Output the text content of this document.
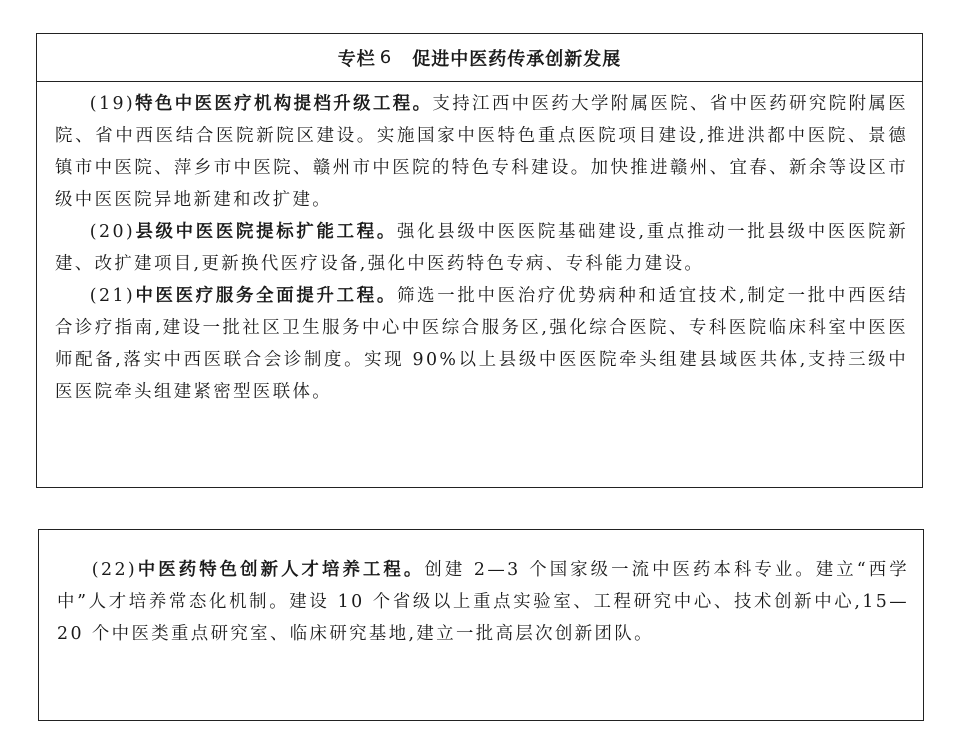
专栏 6 促进中医药传承创新发展

(19)特色中医医疗机构提档升级工程。支持江西中医药大学附属医院、省中医药研究院附属医院、省中西医结合医院新院区建设。实施国家中医特色重点医院项目建设,推进洪都中医院、景德镇市中医院、萍乡市中医院、赣州市中医院的特色专科建设。加快推进赣州、宜春、新余等设区市级中医医院异地新建和改扩建。

(20)县级中医医院提标扩能工程。强化县级中医医院基础建设,重点推动一批县级中医医院新建、改扩建项目,更新换代医疗设备,强化中医药特色专病、专科能力建设。

(21)中医医疗服务全面提升工程。筛选一批中医治疗优势病种和适宜技术,制定一批中西医结合诊疗指南,建设一批社区卫生服务中心中医综合服务区,强化综合医院、专科医院临床科室中医医师配备,落实中西医联合会诊制度。实现 90%以上县级中医医院牵头组建县域医共体,支持三级中医医院牵头组建紧密型医联体。

(22)中医药特色创新人才培养工程。创建 2—3 个国家级一流中医药本科专业。建立“西学中”人才培养常态化机制。建设 10 个省级以上重点实验室、工程研究中心、技术创新中心,15—20 个中医类重点研究室、临床研究基地,建立一批高层次创新团队。
